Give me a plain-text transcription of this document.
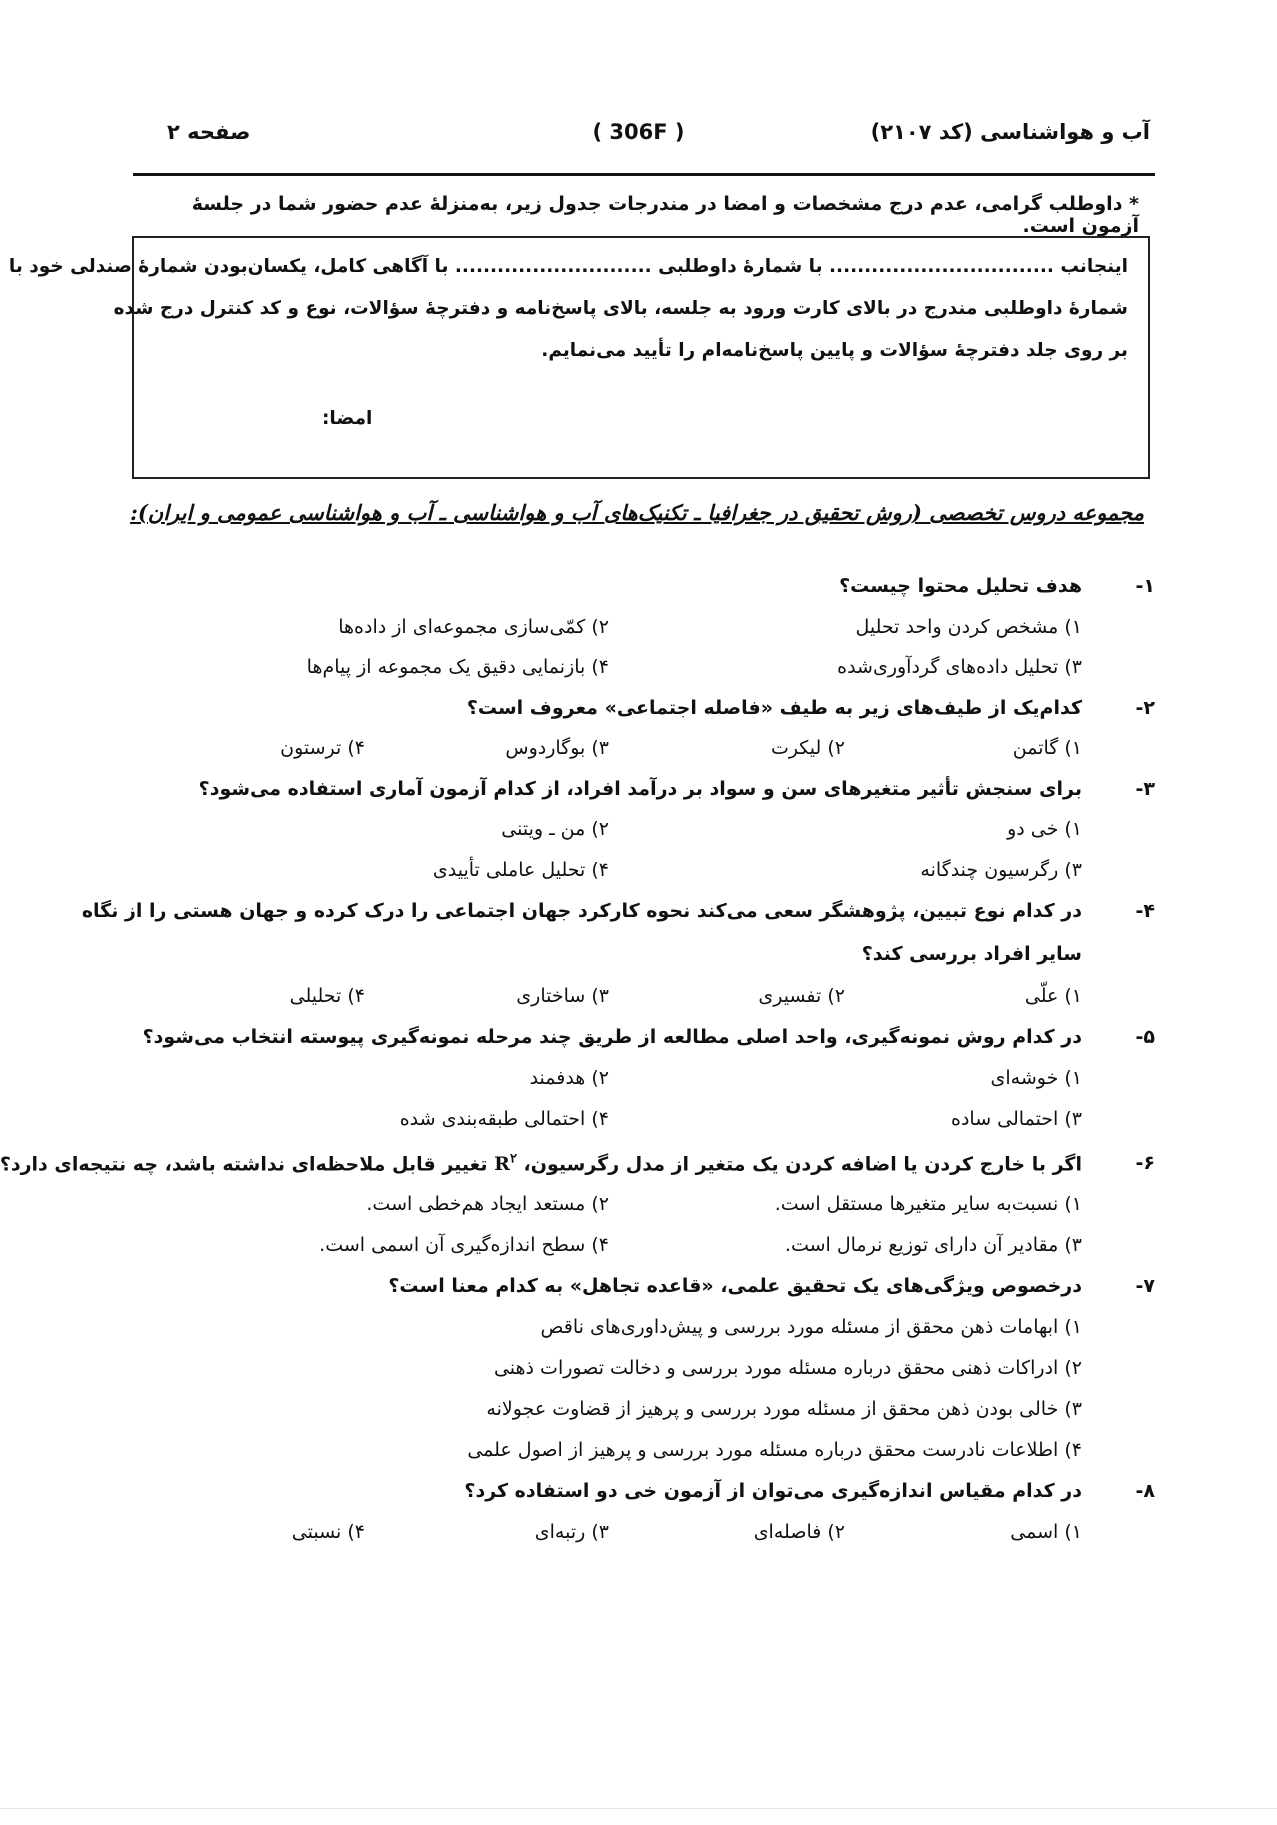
آب و هواشناسی (کد ۲۱۰۷)
( 306F )
صفحه ۲
* داوطلب گرامی، عدم درج مشخصات و امضا در مندرجات جدول زیر، به‌منزلهٔ عدم حضور شما در جلسهٔ آزمون است.
اینجانب ................................ با شمارهٔ داوطلبی ............................ با آگاهی کامل، یکسان‌بودن شمارهٔ صندلی خود با
شمارهٔ داوطلبی مندرج در بالای کارت ورود به جلسه، بالای پاسخ‌نامه و دفترچهٔ سؤالات، نوع و کد کنترل درج شده
بر روی جلد دفترچهٔ سؤالات و پایین پاسخ‌نامه‌ام را تأیید می‌نمایم.
امضا:
مجموعه دروس تخصصی (روش تحقیق در جغرافیا ـ تکنیک‌های آب و هواشناسی ـ آب و هواشناسی عمومی و ایران):
۱-
هدف تحلیل محتوا چیست؟
۱) مشخص کردن واحد تحلیل
۲) کمّی‌سازی مجموعه‌ای از داده‌ها
۳) تحلیل داده‌های گردآوری‌شده
۴) بازنمایی دقیق یک مجموعه از پیام‌ها
۲-
کدام‌یک از طیف‌های زیر به طیف «فاصله اجتماعی» معروف است؟
۱) گاتمن
۲) لیکرت
۳) بوگاردوس
۴) ترستون
۳-
برای سنجش تأثیر متغیرهای سن و سواد بر درآمد افراد، از کدام آزمون آماری استفاده می‌شود؟
۱) خی دو
۲) من ـ ویتنی
۳) رگرسیون چندگانه
۴) تحلیل عاملی تأییدی
۴-
در کدام نوع تبیین، پژوهشگر سعی می‌کند نحوه کارکرد جهان اجتماعی را درک کرده و جهان هستی را از نگاه
سایر افراد بررسی کند؟
۱) علّی
۲) تفسیری
۳) ساختاری
۴) تحلیلی
۵-
در کدام روش نمونه‌گیری، واحد اصلی مطالعه از طریق چند مرحله نمونه‌گیری پیوسته انتخاب می‌شود؟
۱) خوشه‌ای
۲) هدفمند
۳) احتمالی ساده
۴) احتمالی طبقه‌بندی شده
۶-
اگر با خارج کردن یا اضافه کردن یک متغیر از مدل رگرسیون، $R^۲$ تغییر قابل ملاحظه‌ای نداشته باشد، چه نتیجه‌ای دارد؟
۱) نسبت‌به سایر متغیرها مستقل است.
۲) مستعد ایجاد هم‌خطی است.
۳) مقادیر آن دارای توزیع نرمال است.
۴) سطح اندازه‌گیری آن اسمی است.
۷-
درخصوص ویژگی‌های یک تحقیق علمی، «قاعده تجاهل» به کدام معنا است؟
۱) ابهامات ذهن محقق از مسئله مورد بررسی و پیش‌داوری‌های ناقص
۲) ادراکات ذهنی محقق درباره مسئله مورد بررسی و دخالت تصورات ذهنی
۳) خالی بودن ذهن محقق از مسئله مورد بررسی و پرهیز از قضاوت عجولانه
۴) اطلاعات نادرست محقق درباره مسئله مورد بررسی و پرهیز از اصول علمی
۸-
در کدام مقیاس اندازه‌گیری می‌توان از آزمون خی دو استفاده کرد؟
۱) اسمی
۲) فاصله‌ای
۳) رتبه‌ای
۴) نسبتی
